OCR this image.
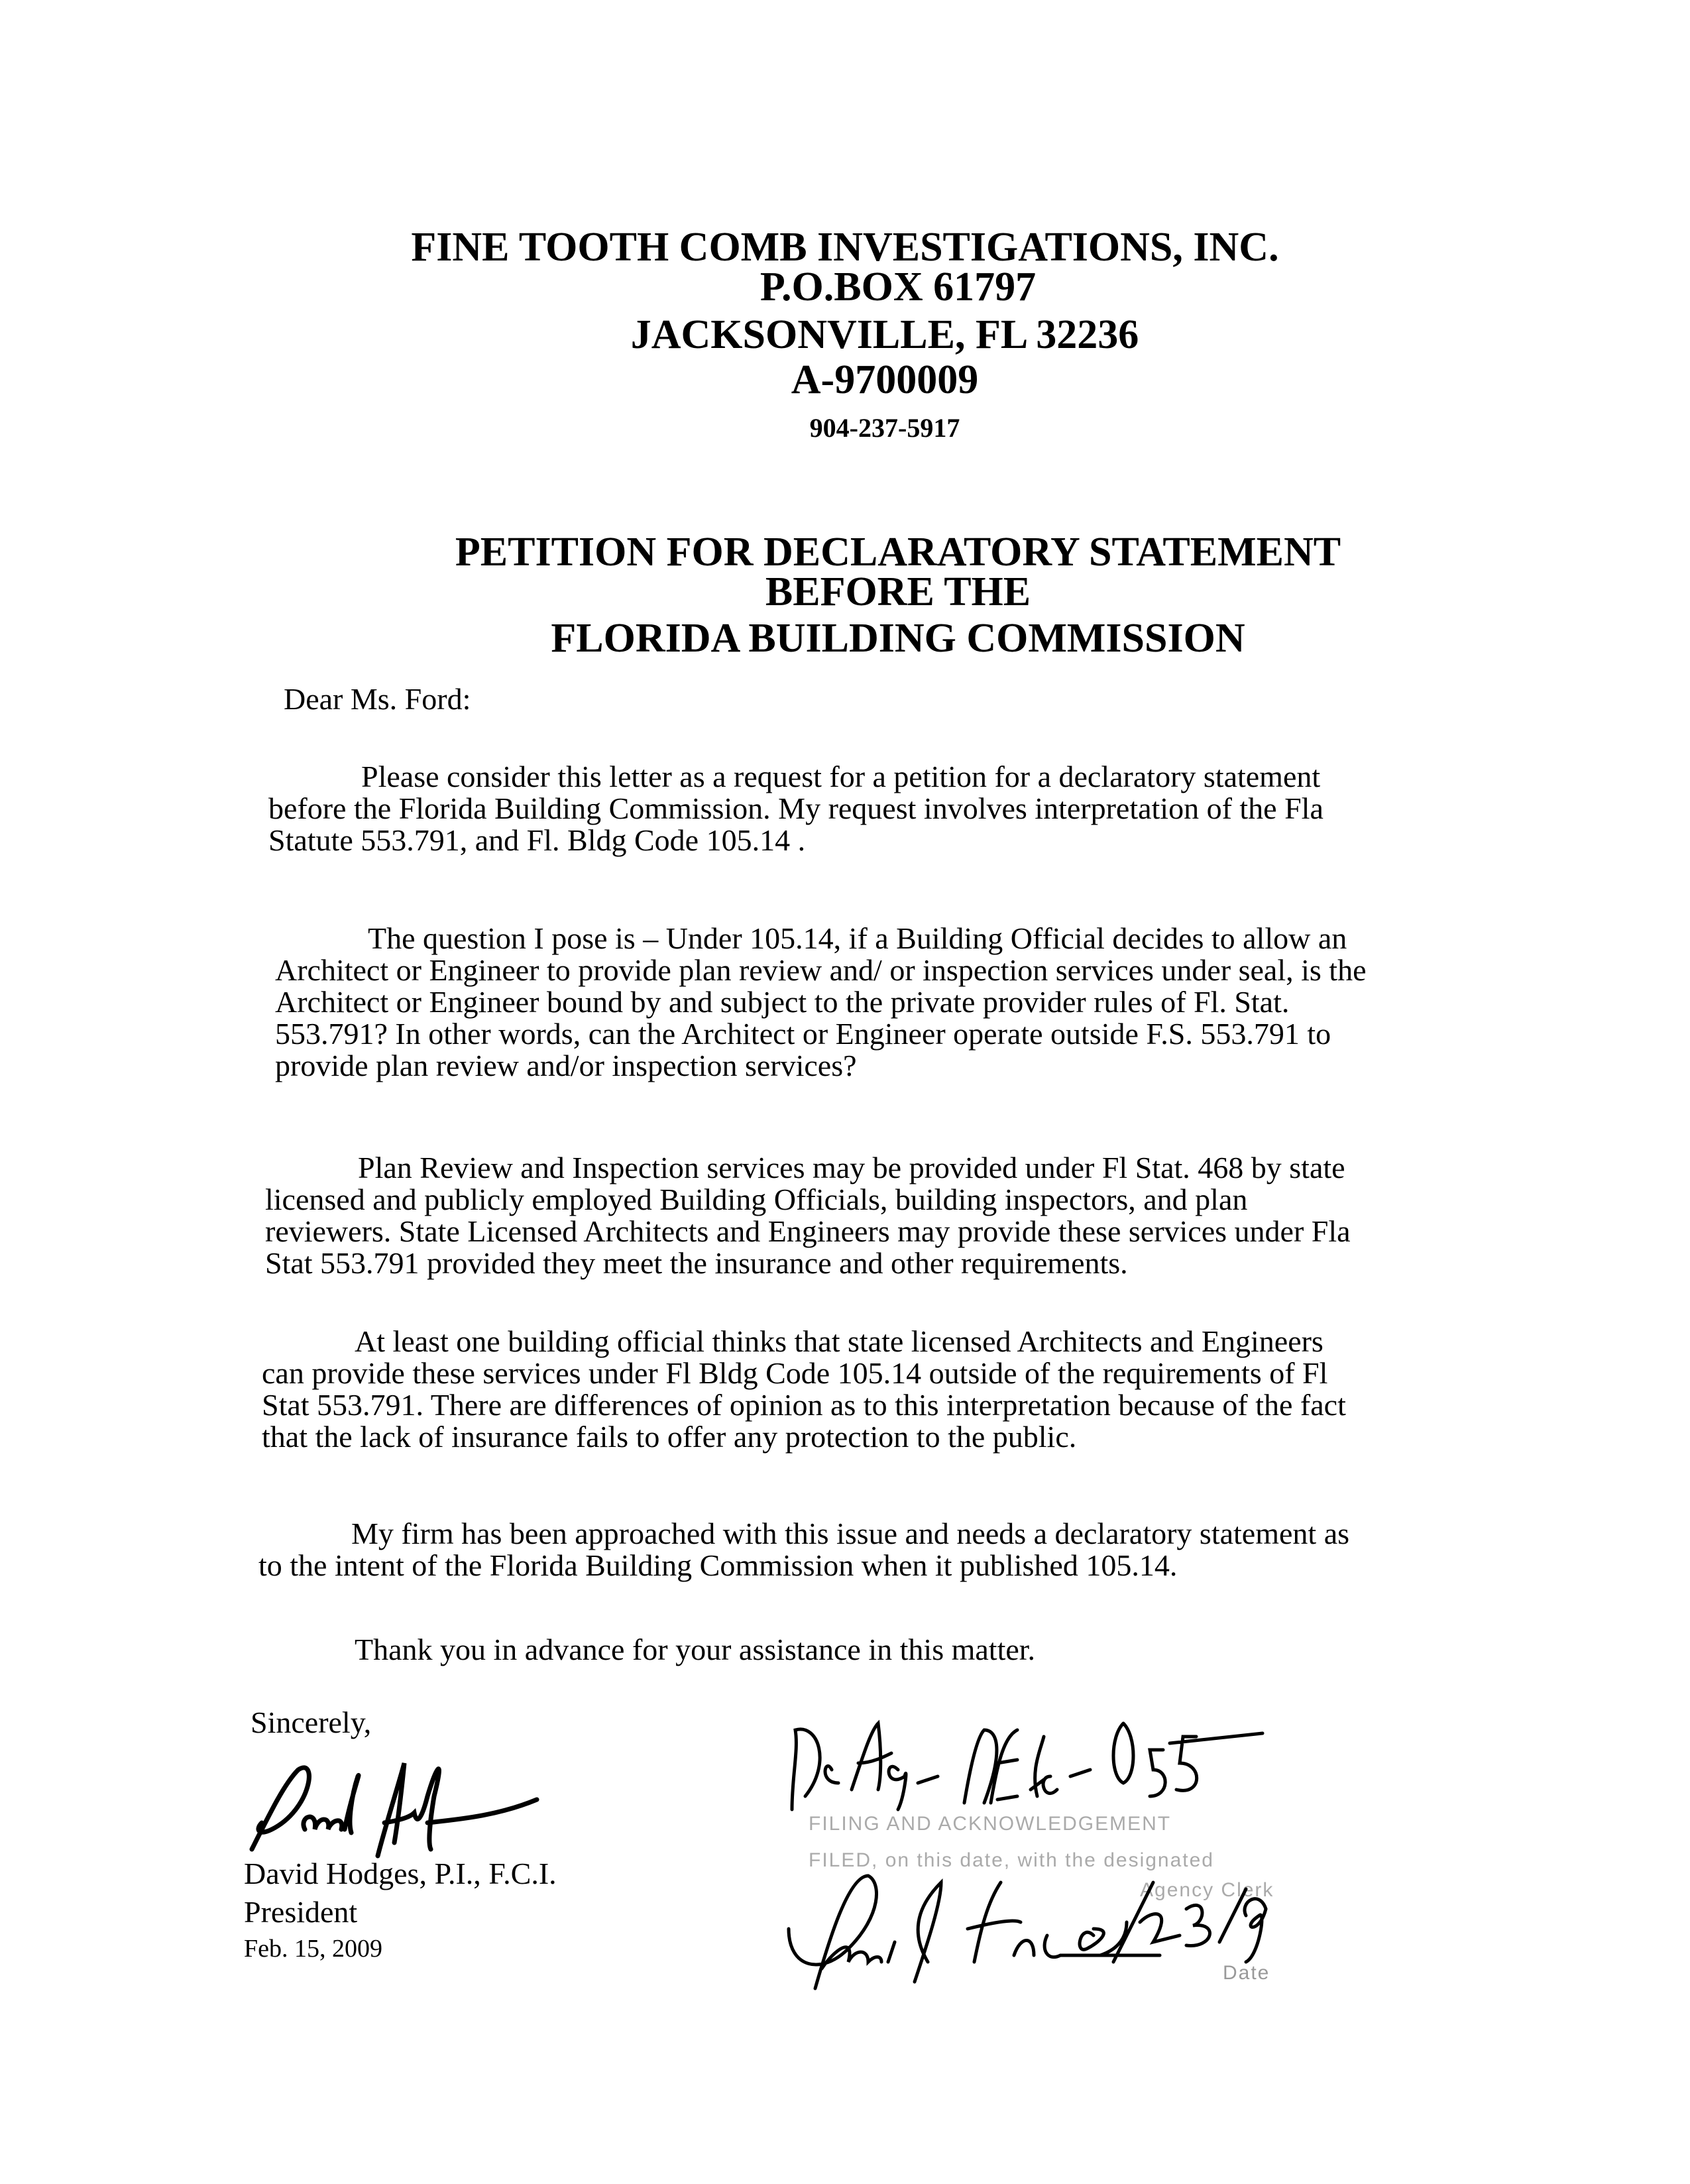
FINE TOOTH COMB INVESTIGATIONS, INC.
P.O.BOX 61797
JACKSONVILLE, FL 32236
A-9700009
904-237-5917
PETITION FOR DECLARATORY STATEMENT
BEFORE THE
FLORIDA BUILDING COMMISSION
Dear Ms. Ford:
Please consider this letter as a request for a petition for a declaratory statement
before the Florida Building Commission. My request involves interpretation of the Fla
Statute 553.791, and Fl. Bldg Code 105.14 .
The question I pose is – Under 105.14, if a Building Official decides to allow an
Architect or Engineer to provide plan review and/ or inspection services under seal, is the
Architect or Engineer bound by and subject to the private provider rules of Fl. Stat.
553.791? In other words, can the Architect or Engineer operate outside F.S. 553.791 to
provide plan review and/or inspection services?
Plan Review and Inspection services may be provided under Fl Stat. 468 by state
licensed and publicly employed Building Officials, building inspectors, and plan
reviewers. State Licensed Architects and Engineers may provide these services under Fla
Stat 553.791 provided they meet the insurance and other requirements.
At least one building official thinks that state licensed Architects and Engineers
can provide these services under Fl Bldg Code 105.14 outside of the requirements of Fl
Stat 553.791. There are differences of opinion as to this interpretation because of the fact
that the lack of insurance fails to offer any protection to the public.
My firm has been approached with this issue and needs a declaratory statement as
to the intent of the Florida Building Commission when it published 105.14.
Thank you in advance for your assistance in this matter.
Sincerely,
David Hodges, P.I., F.C.I.
President
Feb. 15, 2009
FILING AND ACKNOWLEDGEMENT
FILED, on this date, with the designated
Agency Clerk
Date
